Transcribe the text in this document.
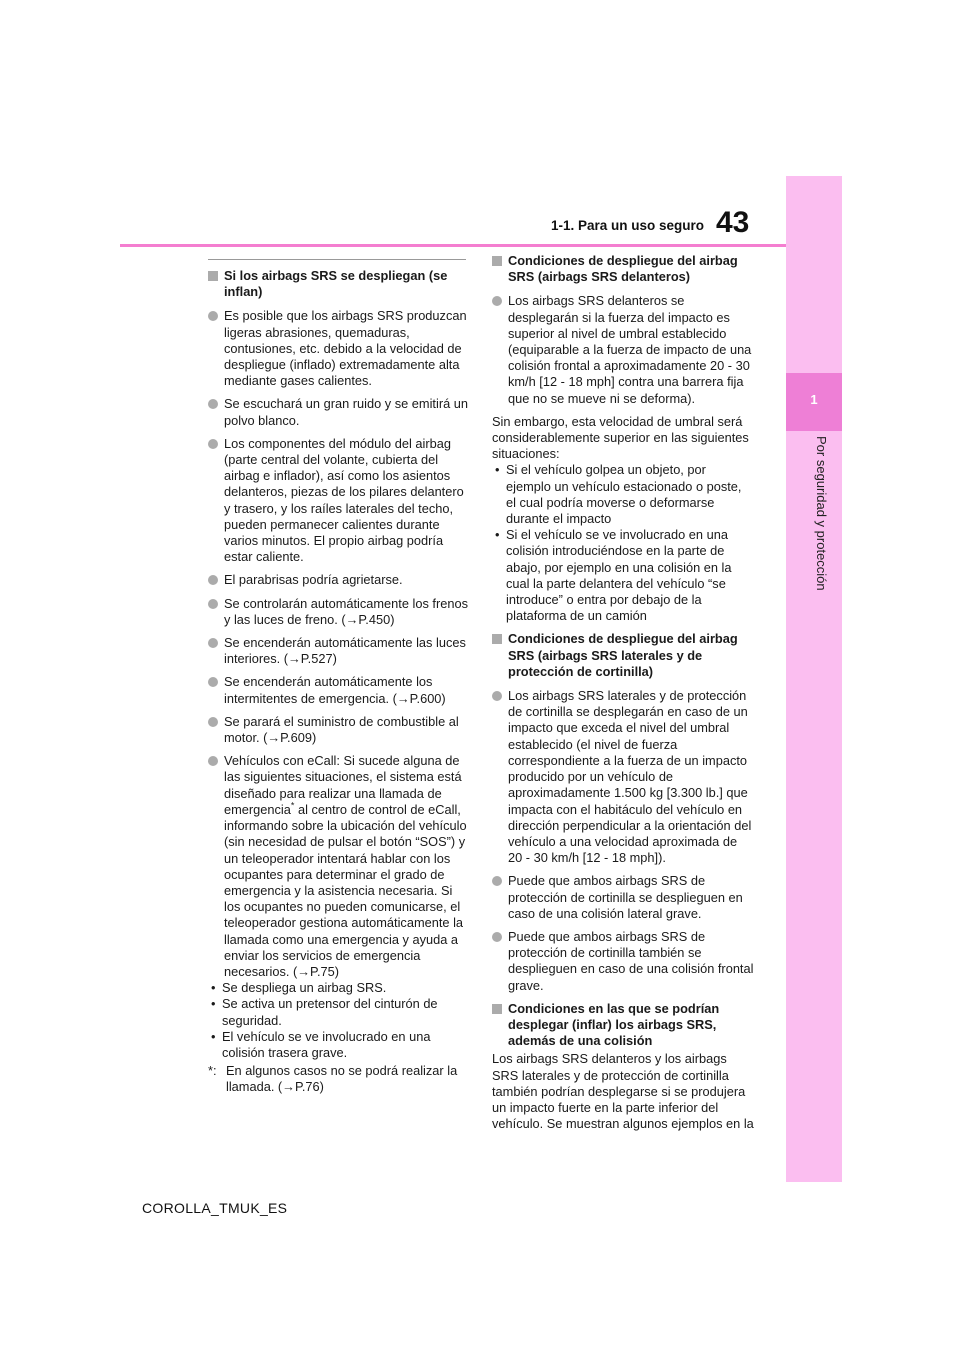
43
1-1. Para un uso seguro
1
Por seguridad y protección
Si los airbags SRS se despliegan (se inflan)
Es posible que los airbags SRS produzcan ligeras abrasiones, quemaduras, contusiones, etc. debido a la velocidad de despliegue (inflado) extremadamente alta mediante gases calientes.
Se escuchará un gran ruido y se emitirá un polvo blanco.
Los componentes del módulo del airbag (parte central del volante, cubierta del airbag e inflador), así como los asientos delanteros, piezas de los pilares delantero y trasero, y los raíles laterales del techo, pueden permanecer calientes durante varios minutos. El propio airbag podría estar caliente.
El parabrisas podría agrietarse.
Se controlarán automáticamente los frenos y las luces de freno. (→P.450)
Se encenderán automáticamente las luces interiores. (→P.527)
Se encenderán automáticamente los intermitentes de emergencia. (→P.600)
Se parará el suministro de combustible al motor. (→P.609)
Vehículos con eCall: Si sucede alguna de las siguientes situaciones, el sistema está diseñado para realizar una llamada de emergencia* al centro de control de eCall, informando sobre la ubicación del vehículo (sin necesidad de pulsar el botón “SOS”) y un teleoperador intentará hablar con los ocupantes para determinar el grado de emergencia y la asistencia necesaria. Si los ocupantes no pueden comunicarse, el teleoperador gestiona automáticamente la llamada como una emergencia y ayuda a enviar los servicios de emergencia necesarios. (→P.75)
• Se despliega un airbag SRS.
• Se activa un pretensor del cinturón de seguridad.
• El vehículo se ve involucrado en una colisión trasera grave.
*: En algunos casos no se podrá realizar la llamada. (→P.76)
Condiciones de despliegue del airbag SRS (airbags SRS delanteros)
Los airbags SRS delanteros se desplegarán si la fuerza del impacto es superior al nivel de umbral establecido (equiparable a la fuerza de impacto de una colisión frontal a aproximadamente 20 - 30 km/h [12 - 18 mph] contra una barrera fija que no se mueve ni se deforma).
Sin embargo, esta velocidad de umbral será considerablemente superior en las siguientes situaciones:
• Si el vehículo golpea un objeto, por ejemplo un vehículo estacionado o poste, el cual podría moverse o deformarse durante el impacto
• Si el vehículo se ve involucrado en una colisión introduciéndose en la parte de abajo, por ejemplo en una colisión en la cual la parte delantera del vehículo “se introduce” o entra por debajo de la plataforma de un camión
Condiciones de despliegue del airbag SRS (airbags SRS laterales y de protección de cortinilla)
Los airbags SRS laterales y de protección de cortinilla se desplegarán en caso de un impacto que exceda el nivel del umbral establecido (el nivel de fuerza correspondiente a la fuerza de un impacto producido por un vehículo de aproximadamente 1.500 kg [3.300 lb.] que impacta con el habitáculo del vehículo en dirección perpendicular a la orientación del vehículo a una velocidad aproximada de 20 - 30 km/h [12 - 18 mph]).
Puede que ambos airbags SRS de protección de cortinilla se desplieguen en caso de una colisión lateral grave.
Puede que ambos airbags SRS de protección de cortinilla también se desplieguen en caso de una colisión frontal grave.
Condiciones en las que se podrían desplegar (inflar) los airbags SRS, además de una colisión
Los airbags SRS delanteros y los airbags SRS laterales y de protección de cortinilla también podrían desplegarse si se produjera un impacto fuerte en la parte inferior del vehículo. Se muestran algunos ejemplos en la
COROLLA_TMUK_ES
